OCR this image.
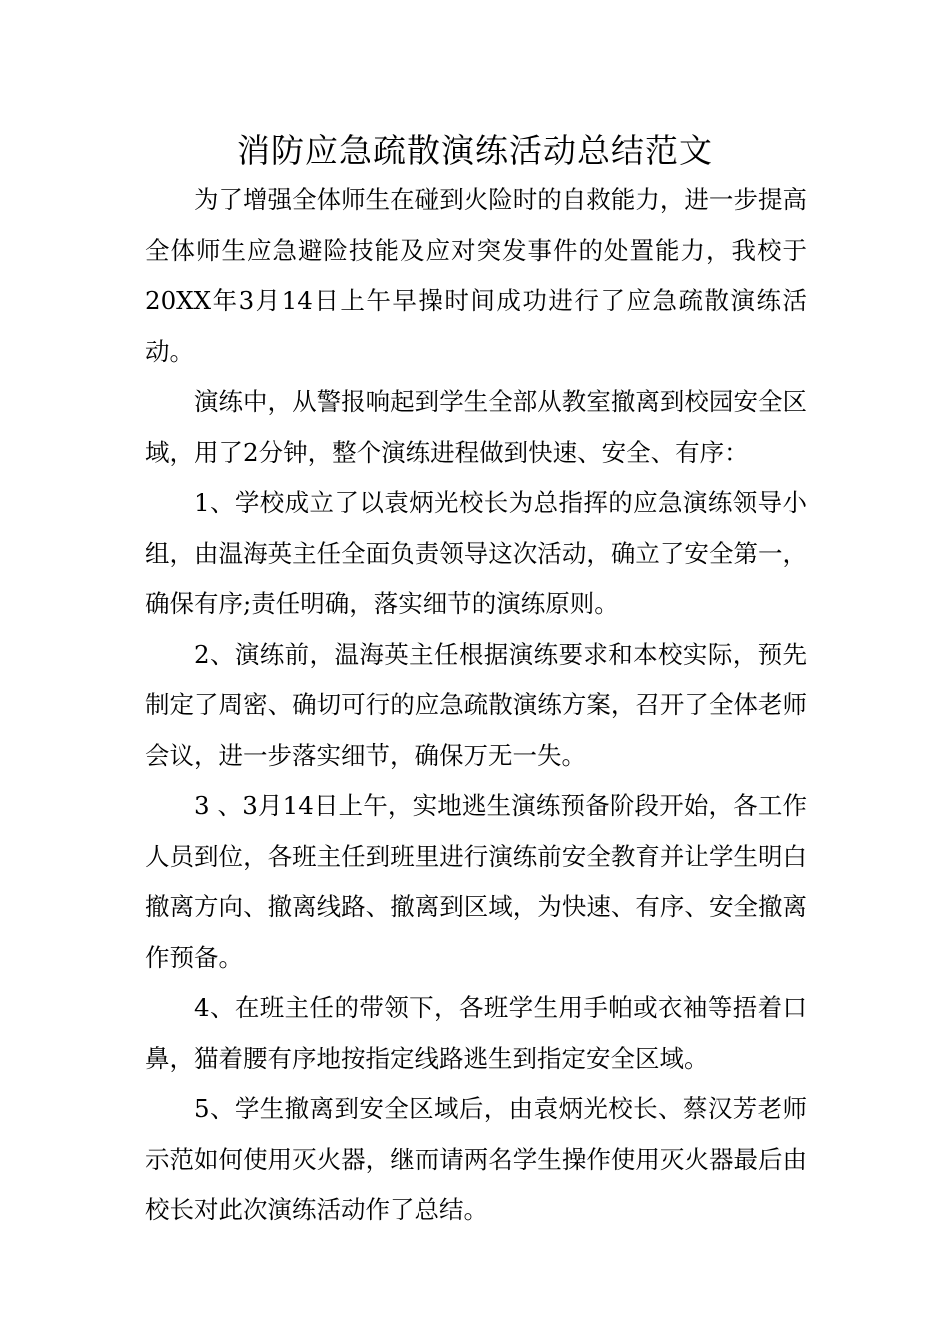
消防应急疏散演练活动总结范文

为了增强全体师生在碰到火险时的自救能力，进一步提高全体师生应急避险技能及应对突发事件的处置能力，我校于20XX年3月14日上午早操时间成功进行了应急疏散演练活动。

演练中，从警报响起到学生全部从教室撤离到校园安全区域，用了2分钟，整个演练进程做到快速、安全、有序：

1、学校成立了以袁炳光校长为总指挥的应急演练领导小组，由温海英主任全面负责领导这次活动，确立了安全第一，确保有序;责任明确，落实细节的演练原则。

2、演练前，温海英主任根据演练要求和本校实际，预先制定了周密、确切可行的应急疏散演练方案，召开了全体老师会议，进一步落实细节，确保万无一失。

3 、3月14日上午，实地逃生演练预备阶段开始，各工作人员到位，各班主任到班里进行演练前安全教育并让学生明白撤离方向、撤离线路、撤离到区域，为快速、有序、安全撤离作预备。

4、在班主任的带领下，各班学生用手帕或衣袖等捂着口鼻，猫着腰有序地按指定线路逃生到指定安全区域。

5、学生撤离到安全区域后，由袁炳光校长、蔡汉芳老师示范如何使用灭火器，继而请两名学生操作使用灭火器最后由校长对此次演练活动作了总结。
